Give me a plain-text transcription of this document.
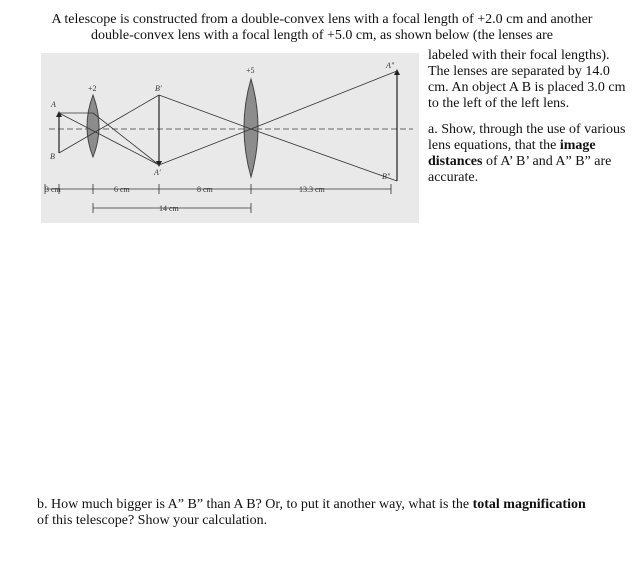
A telescope is constructed from a double-convex lens with a focal length of +2.0 cm and another double-convex lens with a focal length of +5.0 cm, as shown below (the lenses are
+2
+5
A
B
B'
A'
A"
B"
3 cm	6 cm	8 cm	13.3 cm
14 cm

labeled with their focal lengths).

The lenses are separated by 14.0 cm. An object A B is placed 3.0 cm to the left of the left lens.

a. Show, through the use of various lens equations, that the image distances of A’ B’ and A” B” are accurate.

b. How much bigger is A” B” than A B? Or, to put it another way, what is the total magnification of this telescope? Show your calculation.
